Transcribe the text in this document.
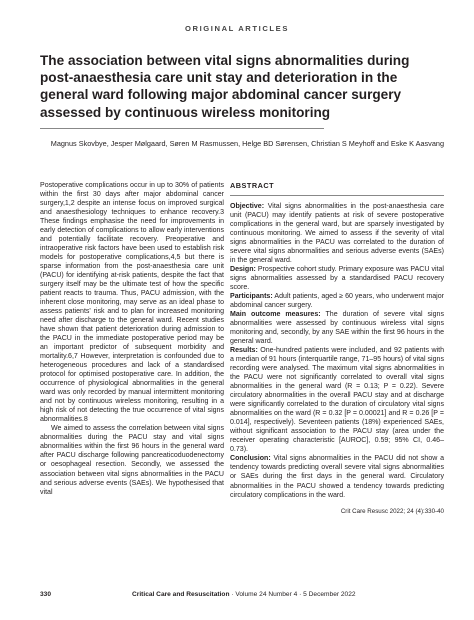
ORIGINAL ARTICLES
The association between vital signs abnormalities during post-anaesthesia care unit stay and deterioration in the general ward following major abdominal cancer surgery assessed by continuous wireless monitoring
Magnus Skovbye, Jesper Mølgaard, Søren M Rasmussen, Helge BD Sørensen, Christian S Meyhoff and Eske K Aasvang

Postoperative complications occur in up to 30% of patients within the first 30 days after major abdominal cancer surgery,1,2 despite an intense focus on improved surgical and anaesthesiology techniques to enhance recovery.3 These findings emphasise the need for improvements in early detection of complications to allow early interventions and potentially facilitate recovery. Preoperative and intraoperative risk factors have been used to establish risk models for postoperative complications,4,5 but there is sparse information from the post-anaesthesia care unit (PACU) for identifying at-risk patients, despite the fact that surgery itself may be the ultimate test of how the specific patient reacts to trauma. Thus, PACU admission, with the inherent close monitoring, may serve as an ideal phase to assess patients' risk and to plan for increased monitoring need after discharge to the general ward. Recent studies have shown that patient deterioration during admission to the PACU in the immediate postoperative period may be an important predictor of subsequent morbidity and mortality.6,7 However, interpretation is confounded due to heterogeneous procedures and lack of a standardised protocol for optimised postoperative care. In addition, the occurrence of physiological abnormalities in the general ward was only recorded by manual intermittent monitoring and not by continuous wireless monitoring, resulting in a high risk of not detecting the true occurrence of vital signs abnormalities.8

We aimed to assess the correlation between vital signs abnormalities during the PACU stay and vital signs abnormalities within the first 96 hours in the general ward after PACU discharge following pancreaticoduodenectomy or oesophageal resection. Secondly, we assessed the association between vital signs abnormalities in the PACU and serious adverse events (SAEs). We hypothesised that vital

ABSTRACT

Objective: Vital signs abnormalities in the post-anaesthesia care unit (PACU) may identify patients at risk of severe postoperative complications in the general ward, but are sparsely investigated by continuous monitoring. We aimed to assess if the severity of vital signs abnormalities in the PACU was correlated to the duration of severe vital signs abnormalities and serious adverse events (SAEs) in the general ward.

Design: Prospective cohort study. Primary exposure was PACU vital signs abnormalities assessed by a standardised PACU recovery score.

Participants: Adult patients, aged ≥ 60 years, who underwent major abdominal cancer surgery.

Main outcome measures: The duration of severe vital signs abnormalities were assessed by continuous wireless vital signs monitoring and, secondly, by any SAE within the first 96 hours in the general ward.

Results: One-hundred patients were included, and 92 patients with a median of 91 hours (interquartile range, 71–95 hours) of vital signs recording were analysed. The maximum vital signs abnormalities in the PACU were not significantly correlated to overall vital signs abnormalities in the general ward (R = 0.13; P = 0.22). Severe circulatory abnormalities in the overall PACU stay and at discharge were significantly correlated to the duration of circulatory vital signs abnormalities on the ward (R = 0.32 [P = 0.00021] and R = 0.26 [P = 0.014], respectively). Seventeen patients (18%) experienced SAEs, without significant association to the PACU stay (area under the receiver operating characteristic [AUROC], 0.59; 95% CI, 0.46–0.73).

Conclusion: Vital signs abnormalities in the PACU did not show a tendency towards predicting overall severe vital signs abnormalities or SAEs during the first days in the general ward. Circulatory abnormalities in the PACU showed a tendency towards predicting circulatory complications in the ward.

Crit Care Resusc 2022; 24 (4):330-40
330	Critical Care and Resuscitation · Volume 24 Number 4 · 5 December 2022
